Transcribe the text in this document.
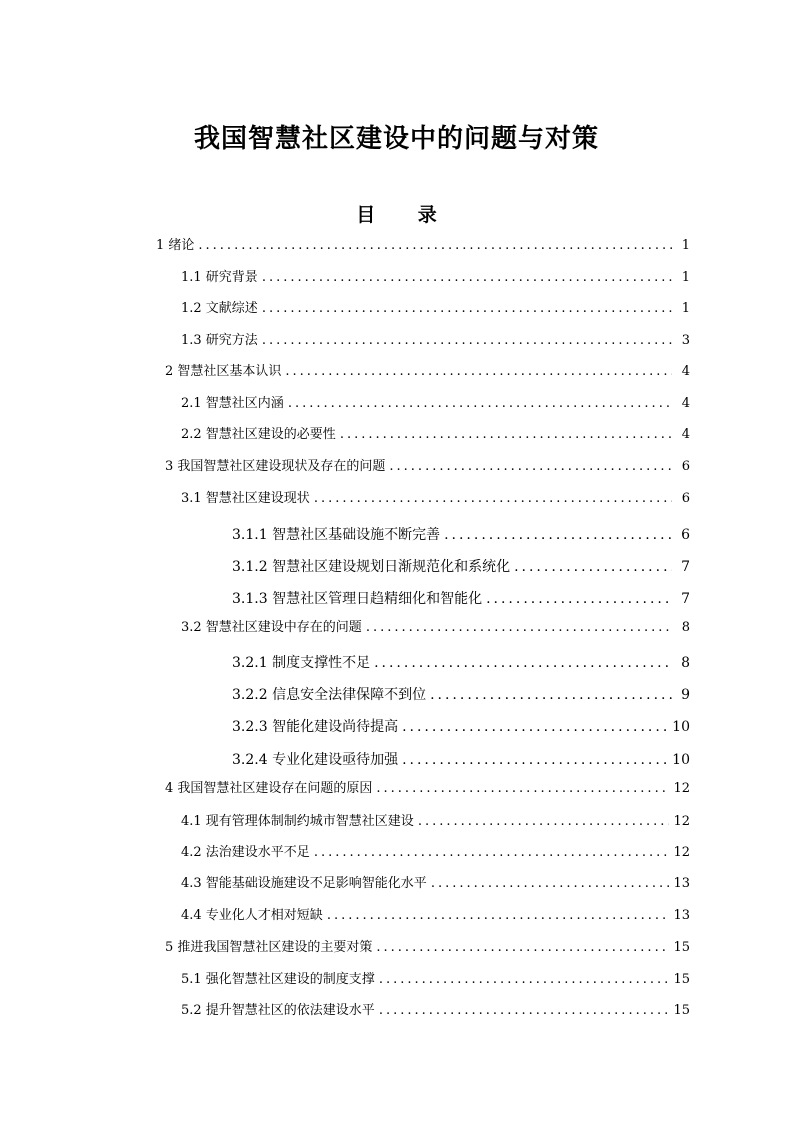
我国智慧社区建设中的问题与对策
目 录
1 绪论 .....	1
1.1 研究背景 .....	1
1.2 文献综述 .....	1
1.3 研究方法 .....	3
2 智慧社区基本认识 .....	4
2.1 智慧社区内涵 .....	4
2.2 智慧社区建设的必要性 .....	4
3 我国智慧社区建设现状及存在的问题 .....	6
3.1 智慧社区建设现状 .....	6
3.1.1 智慧社区基础设施不断完善 .....	6
3.1.2 智慧社区建设规划日渐规范化和系统化 .....	7
3.1.3 智慧社区管理日趋精细化和智能化 .....	7
3.2 智慧社区建设中存在的问题 .....	8
3.2.1 制度支撑性不足 .....	8
3.2.2 信息安全法律保障不到位 .....	9
3.2.3 智能化建设尚待提高 .....	10
3.2.4 专业化建设亟待加强 .....	10
4 我国智慧社区建设存在问题的原因 .....	12
4.1 现有管理体制制约城市智慧社区建设 .....	12
4.2 法治建设水平不足 .....	12
4.3 智能基础设施建设不足影响智能化水平 .....	13
4.4 专业化人才相对短缺 .....	13
5 推进我国智慧社区建设的主要对策 .....	15
5.1 强化智慧社区建设的制度支撑 .....	15
5.2 提升智慧社区的依法建设水平 .....	15
